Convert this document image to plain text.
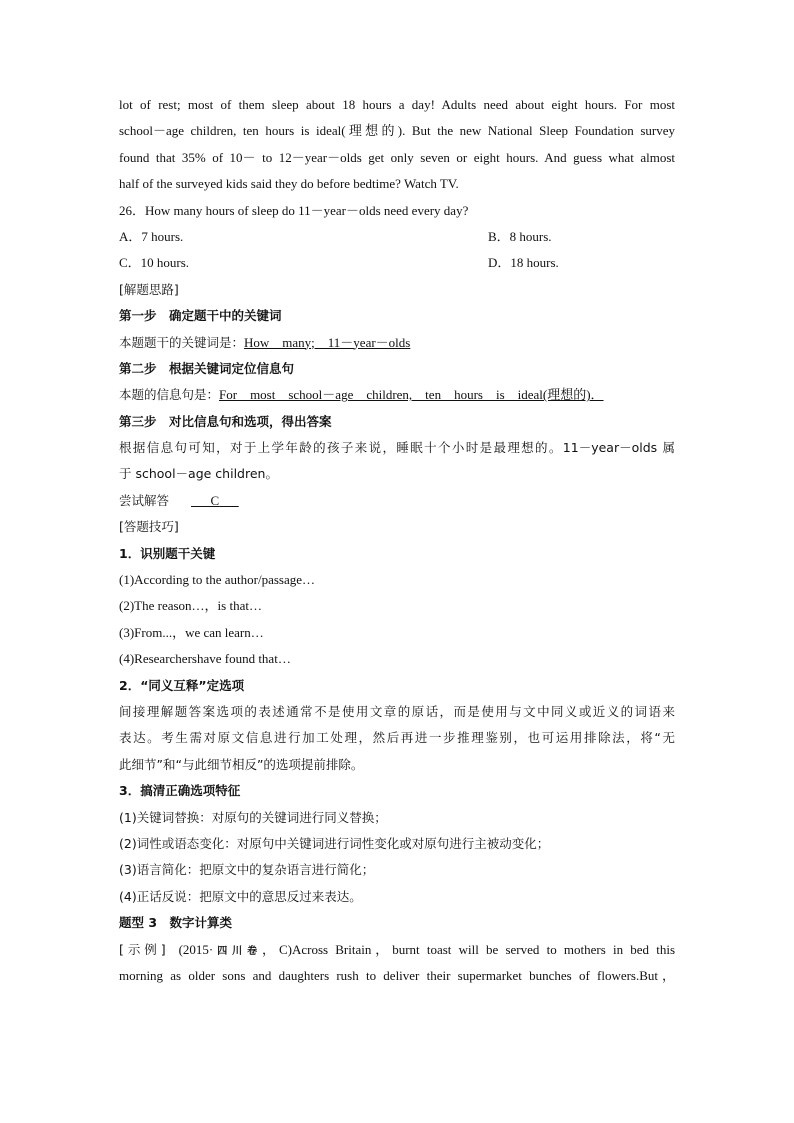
lot of rest; most of them sleep about 18 hours a day! Adults need about eight hours. For most
school－age children, ten hours is ideal(理想的). But the new National Sleep Foundation survey
found that 35% of 10－ to 12－year－olds get only seven or eight hours. And guess what almost
half of the surveyed kids said they do before bedtime? Watch TV.
26．How many hours of sleep do 11－year－olds need every day?
A．7 hours.	B．8 hours.
C．10 hours.	D．18 hours.
[解题思路]
第一步　确定题干中的关键词
本题题干的关键词是：How　many;　11－year－olds
第二步　根据关键词定位信息句
本题的信息句是：For　most　school－age　children,　ten　hours　is　ideal(理想的)．
第三步　对比信息句和选项，得出答案
根据信息句可知，对于上学年龄的孩子来说，睡眠十个小时是最理想的。11－year－olds 属
于 school－age children。
尝试解答  	C  
[答题技巧]
1．识别题干关键
(1)According to the author/passage…
(2)The reason…，is that…
(3)From...，we can learn…
(4)Researchershave found that…
2．“同义互释”定选项
间接理解题答案选项的表述通常不是使用文章的原话，而是使用与文中同义或近义的词语来
表达。考生需对原文信息进行加工处理，然后再进一步推理鉴别，也可运用排除法，将“无
此细节”和“与此细节相反”的选项提前排除。
3．搞清正确选项特征
(1)关键词替换：对原句的关键词进行同义替换；
(2)词性或语态变化：对原句中关键词进行词性变化或对原句进行主被动变化；
(3)语言简化：把原文中的复杂语言进行简化；
(4)正话反说：把原文中的意思反过来表达。
题型 3　数字计算类
[示例]  (2015·四川卷，C)Across Britain，burnt toast will be served to mothers in bed this
morning as older sons and daughters rush to deliver their supermarket bunches of flowers.But，
